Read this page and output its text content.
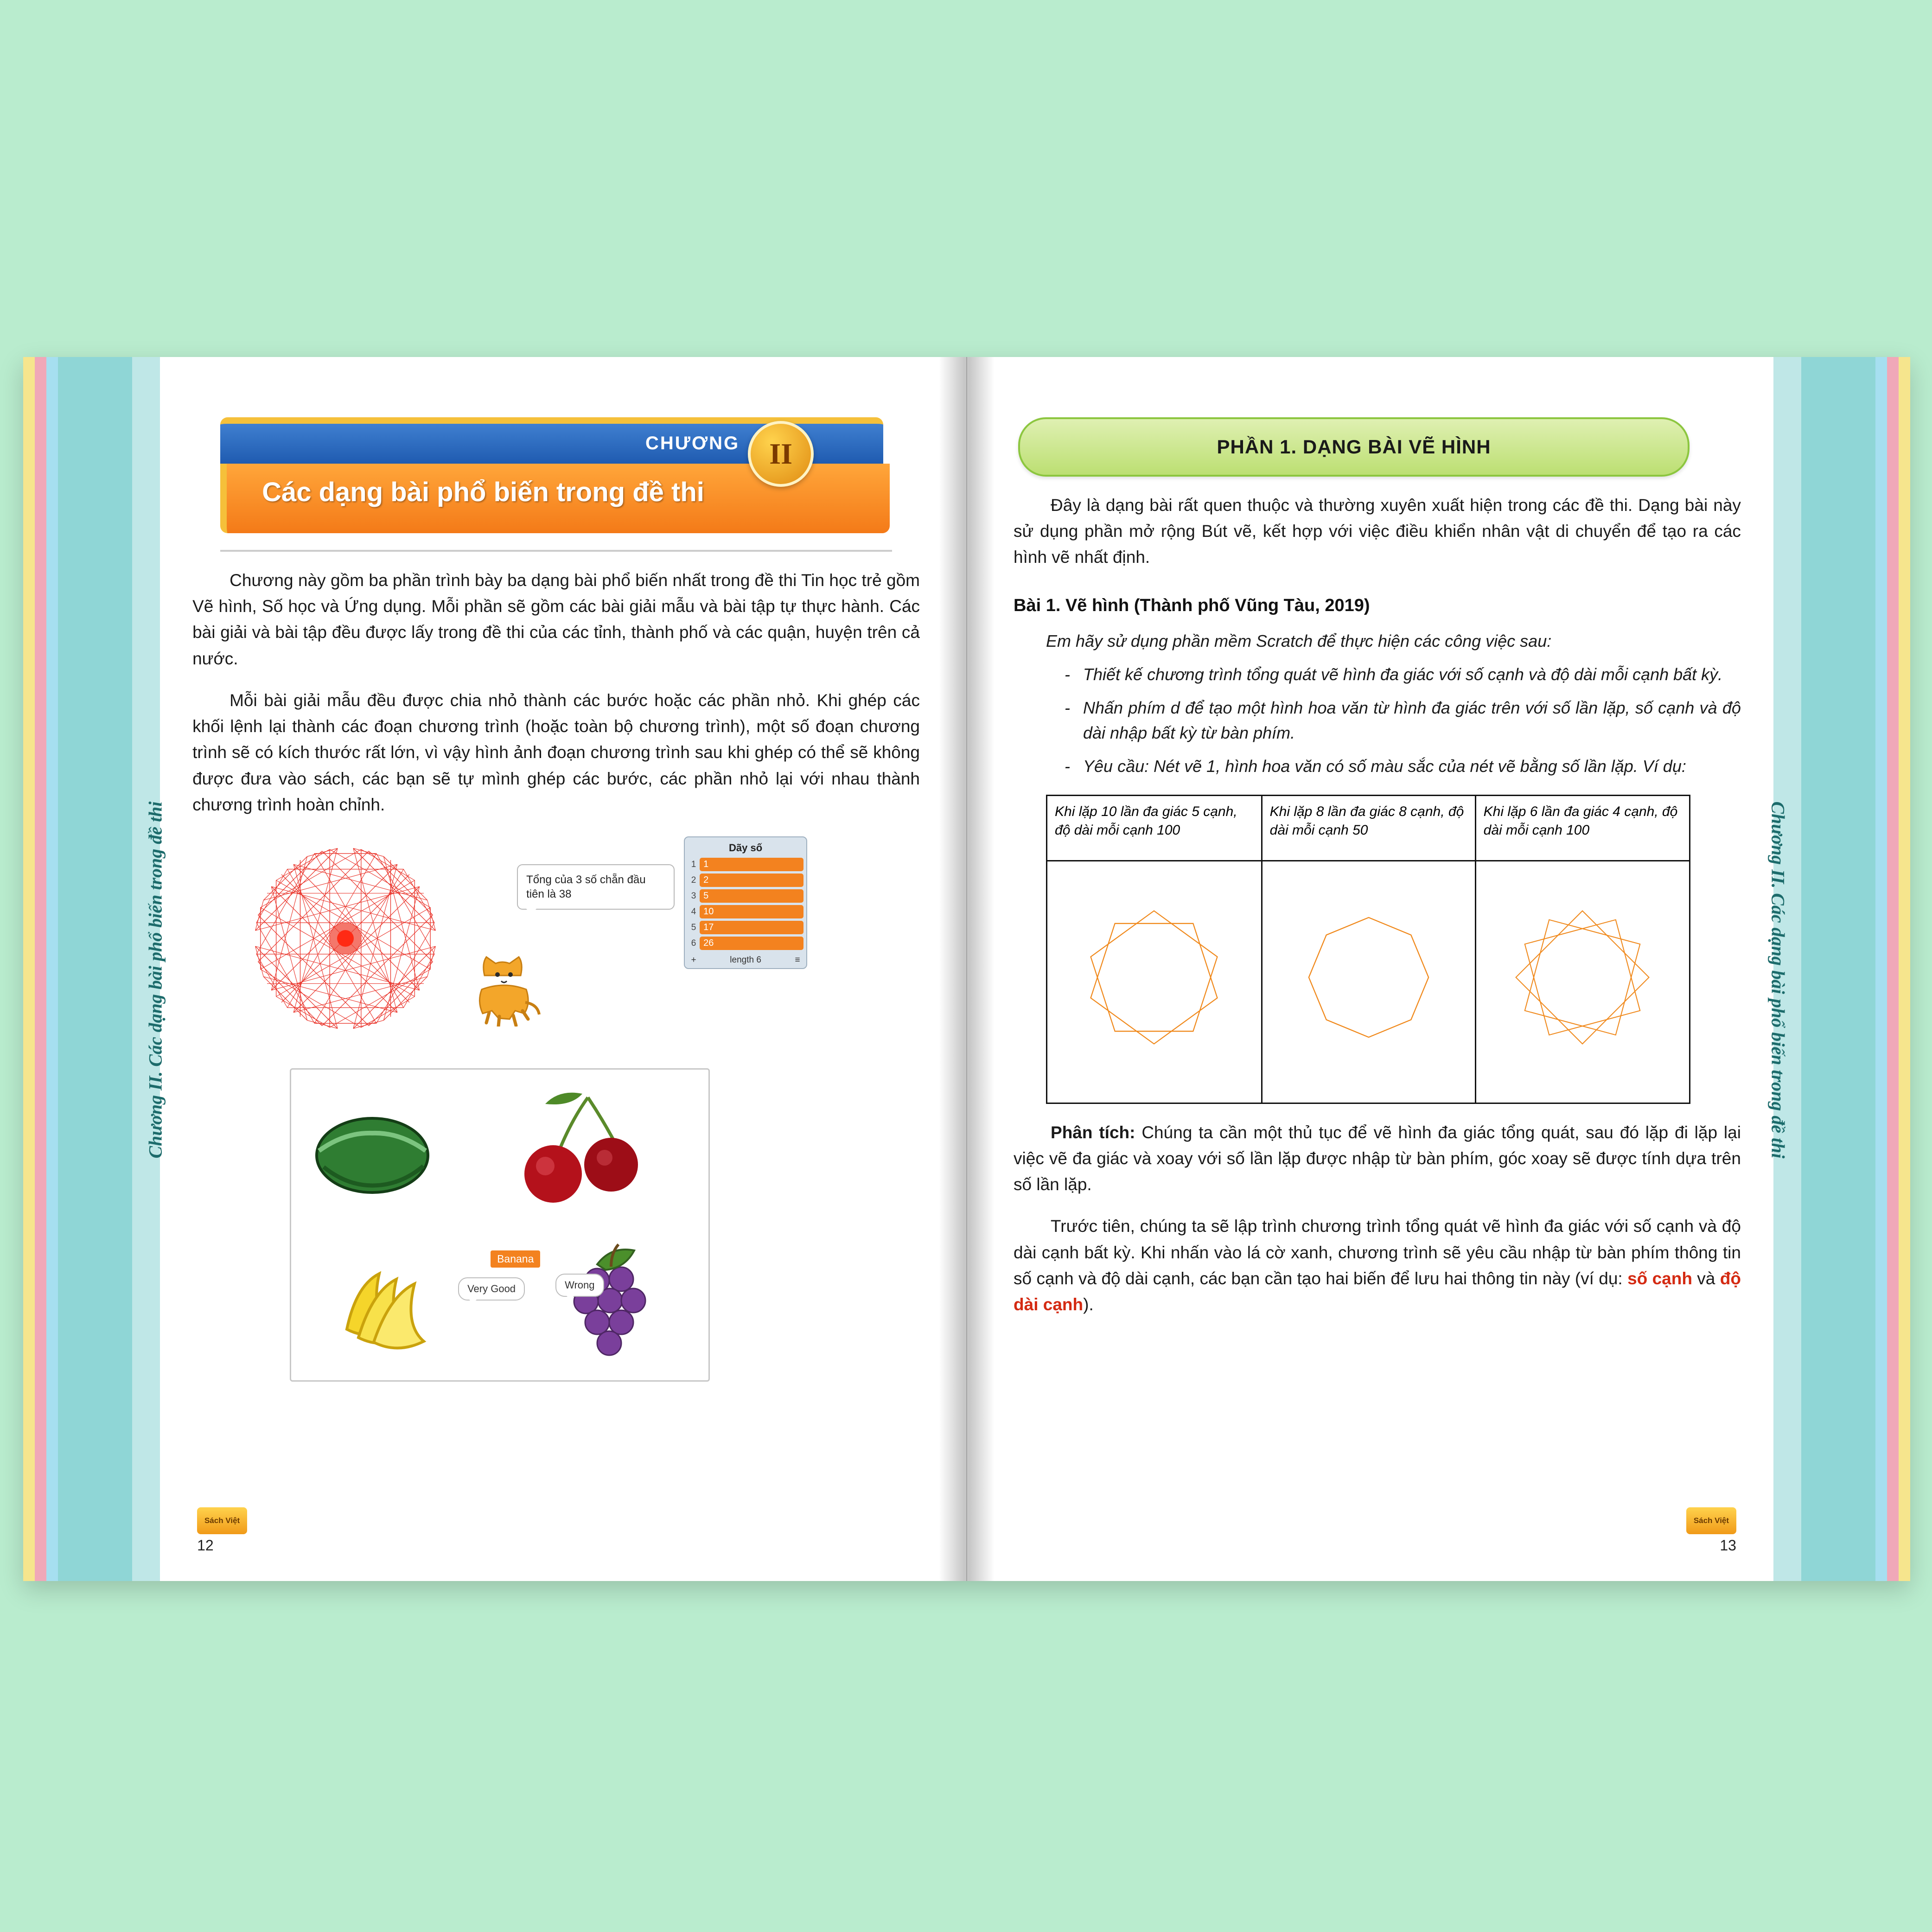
Chương II. Các dạng bài phổ biến trong đề thi
CHƯƠNG	II
Các dạng bài phổ biến trong đề thi

Chương này gồm ba phần trình bày ba dạng bài phổ biến nhất trong đề thi Tin học trẻ gồm Vẽ hình, Số học và Ứng dụng. Mỗi phần sẽ gồm các bài giải mẫu và bài tập tự thực hành. Các bài giải và bài tập đều được lấy trong đề thi của các tỉnh, thành phố và các quận, huyện trên cả nước.

Mỗi bài giải mẫu đều được chia nhỏ thành các bước hoặc các phần nhỏ. Khi ghép các khối lệnh lại thành các đoạn chương trình (hoặc toàn bộ chương trình), một số đoạn chương trình sẽ có kích thước rất lớn, vì vậy hình ảnh đoạn chương trình sau khi ghép có thể sẽ không được đưa vào sách, các bạn sẽ tự mình ghép các bước, các phần nhỏ lại với nhau thành chương trình hoàn chỉnh.

Tổng của 3 số chẵn đầu tiên là 38
Dãy số
1 1
2 2
3 5
4 10
5 17
6 26
+	length 6	≡
Banana
Very Good	Wrong
Sách Việt
12
Chương II. Các dạng bài phổ biến trong đề thi
PHẦN 1. DẠNG BÀI VẼ HÌNH

Đây là dạng bài rất quen thuộc và thường xuyên xuất hiện trong các đề thi. Dạng bài này sử dụng phần mở rộng Bút vẽ, kết hợp với việc điều khiển nhân vật di chuyển để tạo ra các hình vẽ nhất định.

Bài 1. Vẽ hình (Thành phố Vũng Tàu, 2019)

Em hãy sử dụng phần mềm Scratch để thực hiện các công việc sau:

- Thiết kế chương trình tổng quát vẽ hình đa giác với số cạnh và độ dài mỗi cạnh bất kỳ.
- Nhấn phím d để tạo một hình hoa văn từ hình đa giác trên với số lần lặp, số cạnh và độ dài nhập bất kỳ từ bàn phím.
- Yêu cầu: Nét vẽ 1, hình hoa văn có số màu sắc của nét vẽ bằng số lần lặp. Ví dụ:
Khi lặp 10 lần đa giác 5 cạnh, độ dài mỗi cạnh 100	Khi lặp 8 lần đa giác 8 cạnh, độ dài mỗi cạnh 50	Khi lặp 6 lần đa giác 4 cạnh, độ dài mỗi cạnh 100

Phân tích: Chúng ta cần một thủ tục để vẽ hình đa giác tổng quát, sau đó lặp đi lặp lại việc vẽ đa giác và xoay với số lần lặp được nhập từ bàn phím, góc xoay sẽ được tính dựa trên số lần lặp.

Trước tiên, chúng ta sẽ lập trình chương trình tổng quát vẽ hình đa giác với số cạnh và độ dài cạnh bất kỳ. Khi nhấn vào lá cờ xanh, chương trình sẽ yêu cầu nhập từ bàn phím thông tin số cạnh và độ dài cạnh, các bạn cần tạo hai biến để lưu hai thông tin này (ví dụ: số cạnh và độ dài cạnh).

Sách Việt
13
